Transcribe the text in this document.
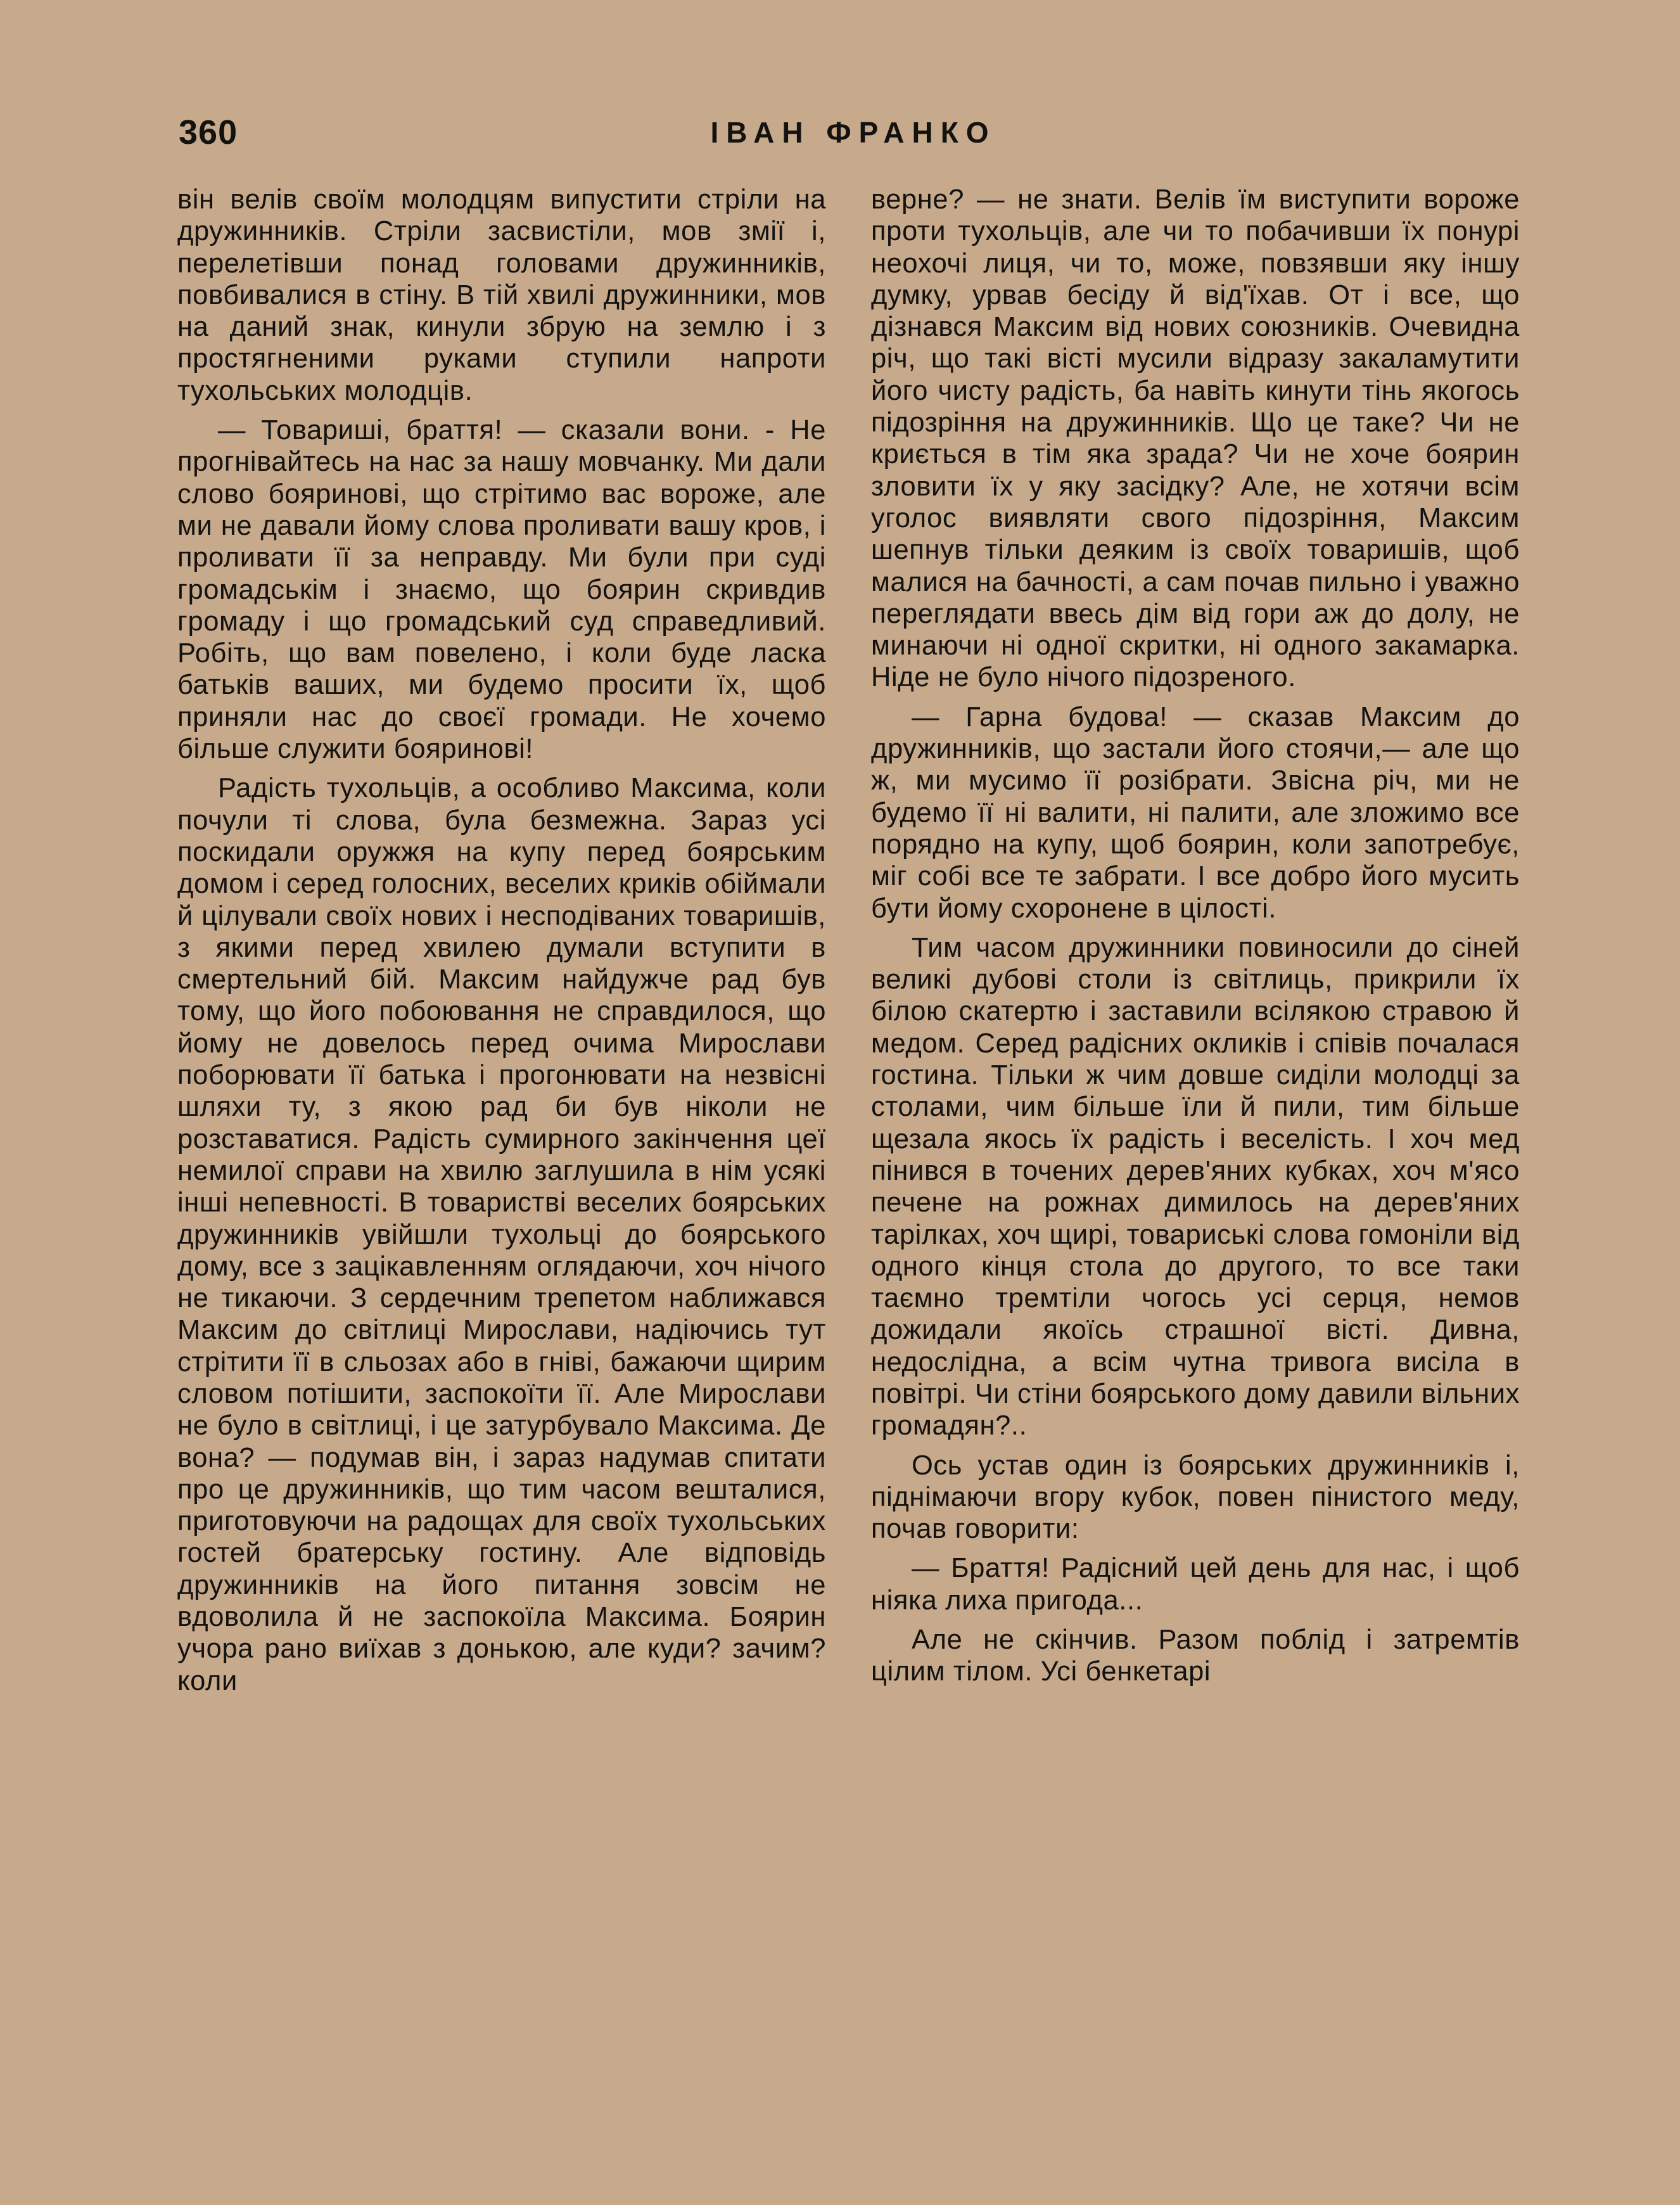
360	ІВАН ФРАНКО

він велів своїм молодцям випустити стріли на дружинників. Стріли засвистіли, мов змії і, перелетівши понад головами дружинників, повбивалися в стіну. В тій хвилі дружинники, мов на даний знак, кинули збрую на землю і з простягненими руками ступили напроти тухольських молодців.

— Товариші, браття! — сказали вони. - Не прогнівайтесь на нас за нашу мовчанку. Ми дали слово бояринові, що стрітимо вас вороже, але ми не давали йому слова проливати вашу кров, і проливати її за неправду. Ми були при суді громадськім і знаємо, що боярин скривдив громаду і що громадський суд справедливий. Робіть, що вам повелено, і коли буде ласка батьків ваших, ми будемо просити їх, щоб приняли нас до своєї громади. Не хочемо більше служити бояринові!

Радість тухольців, а особливо Максима, коли почули ті слова, була безмежна. Зараз усі поскидали оружжя на купу перед боярським домом і серед голосних, веселих криків обіймали й цілували своїх нових і несподіваних товаришів, з якими перед хвилею думали вступити в смертельний бій. Максим найдужче рад був тому, що його побоювання не справдилося, що йому не довелось перед очима Мирослави поборювати її батька і прогонювати на незвісні шляхи ту, з якою рад би був ніколи не розставатися. Радість сумирного закінчення цеї немилої справи на хвилю заглушила в нім усякі інші непевності. В товаристві веселих боярських дружинників увійшли тухольці до боярського дому, все з зацікавленням оглядаючи, хоч нічого не тикаючи. З сердечним трепетом наближався Максим до світлиці Мирослави, надіючись тут стрітити її в сльозах або в гніві, бажаючи щирим словом потішити, заспокоїти її. Але Мирослави не було в світлиці, і це затурбувало Максима. Де вона? — подумав він, і зараз надумав спитати про це дружинників, що тим часом вешталися, приготовуючи на радощах для своїх тухольських гостей братерську гостину. Але відповідь дружинників на його питання зовсім не вдоволила й не заспокоїла Максима. Боярин учора рано виїхав з донькою, але куди? зачим? коли

верне? — не знати. Велів їм виступити вороже проти тухольців, але чи то побачивши їх понурі неохочі лиця, чи то, може, повзявши яку іншу думку, урвав бесіду й від'їхав. От і все, що дізнався Максим від нових союзників. Очевидна річ, що такі вісті мусили відразу закаламутити його чисту радість, ба навіть кинути тінь якогось підозріння на дружинників. Що це таке? Чи не криється в тім яка зрада? Чи не хоче боярин зловити їх у яку засідку? Але, не хотячи всім уголос виявляти свого підозріння, Максим шепнув тільки деяким із своїх товаришів, щоб малися на бачності, а сам почав пильно і уважно переглядати ввесь дім від гори аж до долу, не минаючи ні одної скритки, ні одного закамарка. Ніде не було нічого підозреного.

— Гарна будова! — сказав Максим до дружинників, що застали його стоячи,— але що ж, ми мусимо її розібрати. Звісна річ, ми не будемо її ні валити, ні палити, але зложимо все порядно на купу, щоб боярин, коли запотребує, міг собі все те забрати. І все добро його мусить бути йому схоронене в цілості.

Тим часом дружинники повиносили до сіней великі дубові столи із світлиць, прикрили їх білою скатертю і заставили всілякою стравою й медом. Серед радісних окликів і співів почалася гостина. Тільки ж чим довше сиділи молодці за столами, чим більше їли й пили, тим більше щезала якось їх радість і веселість. І хоч мед пінився в точених дерев'яних кубках, хоч м'ясо печене на рожнах димилось на дерев'яних тарілках, хоч щирі, товариські слова гомоніли від одного кінця стола до другого, то все таки таємно тремтіли чогось усі серця, немов дожидали якоїсь страшної вісті. Дивна, недослідна, а всім чутна тривога висіла в повітрі. Чи стіни боярського дому давили вільних громадян?..

Ось устав один із боярських дружинників і, піднімаючи вгору кубок, повен пінистого меду, почав говорити:

— Браття! Радісний цей день для нас, і щоб ніяка лиха пригода...

Але не скінчив. Разом поблід і затремтів цілим тілом. Усі бенкетарі
